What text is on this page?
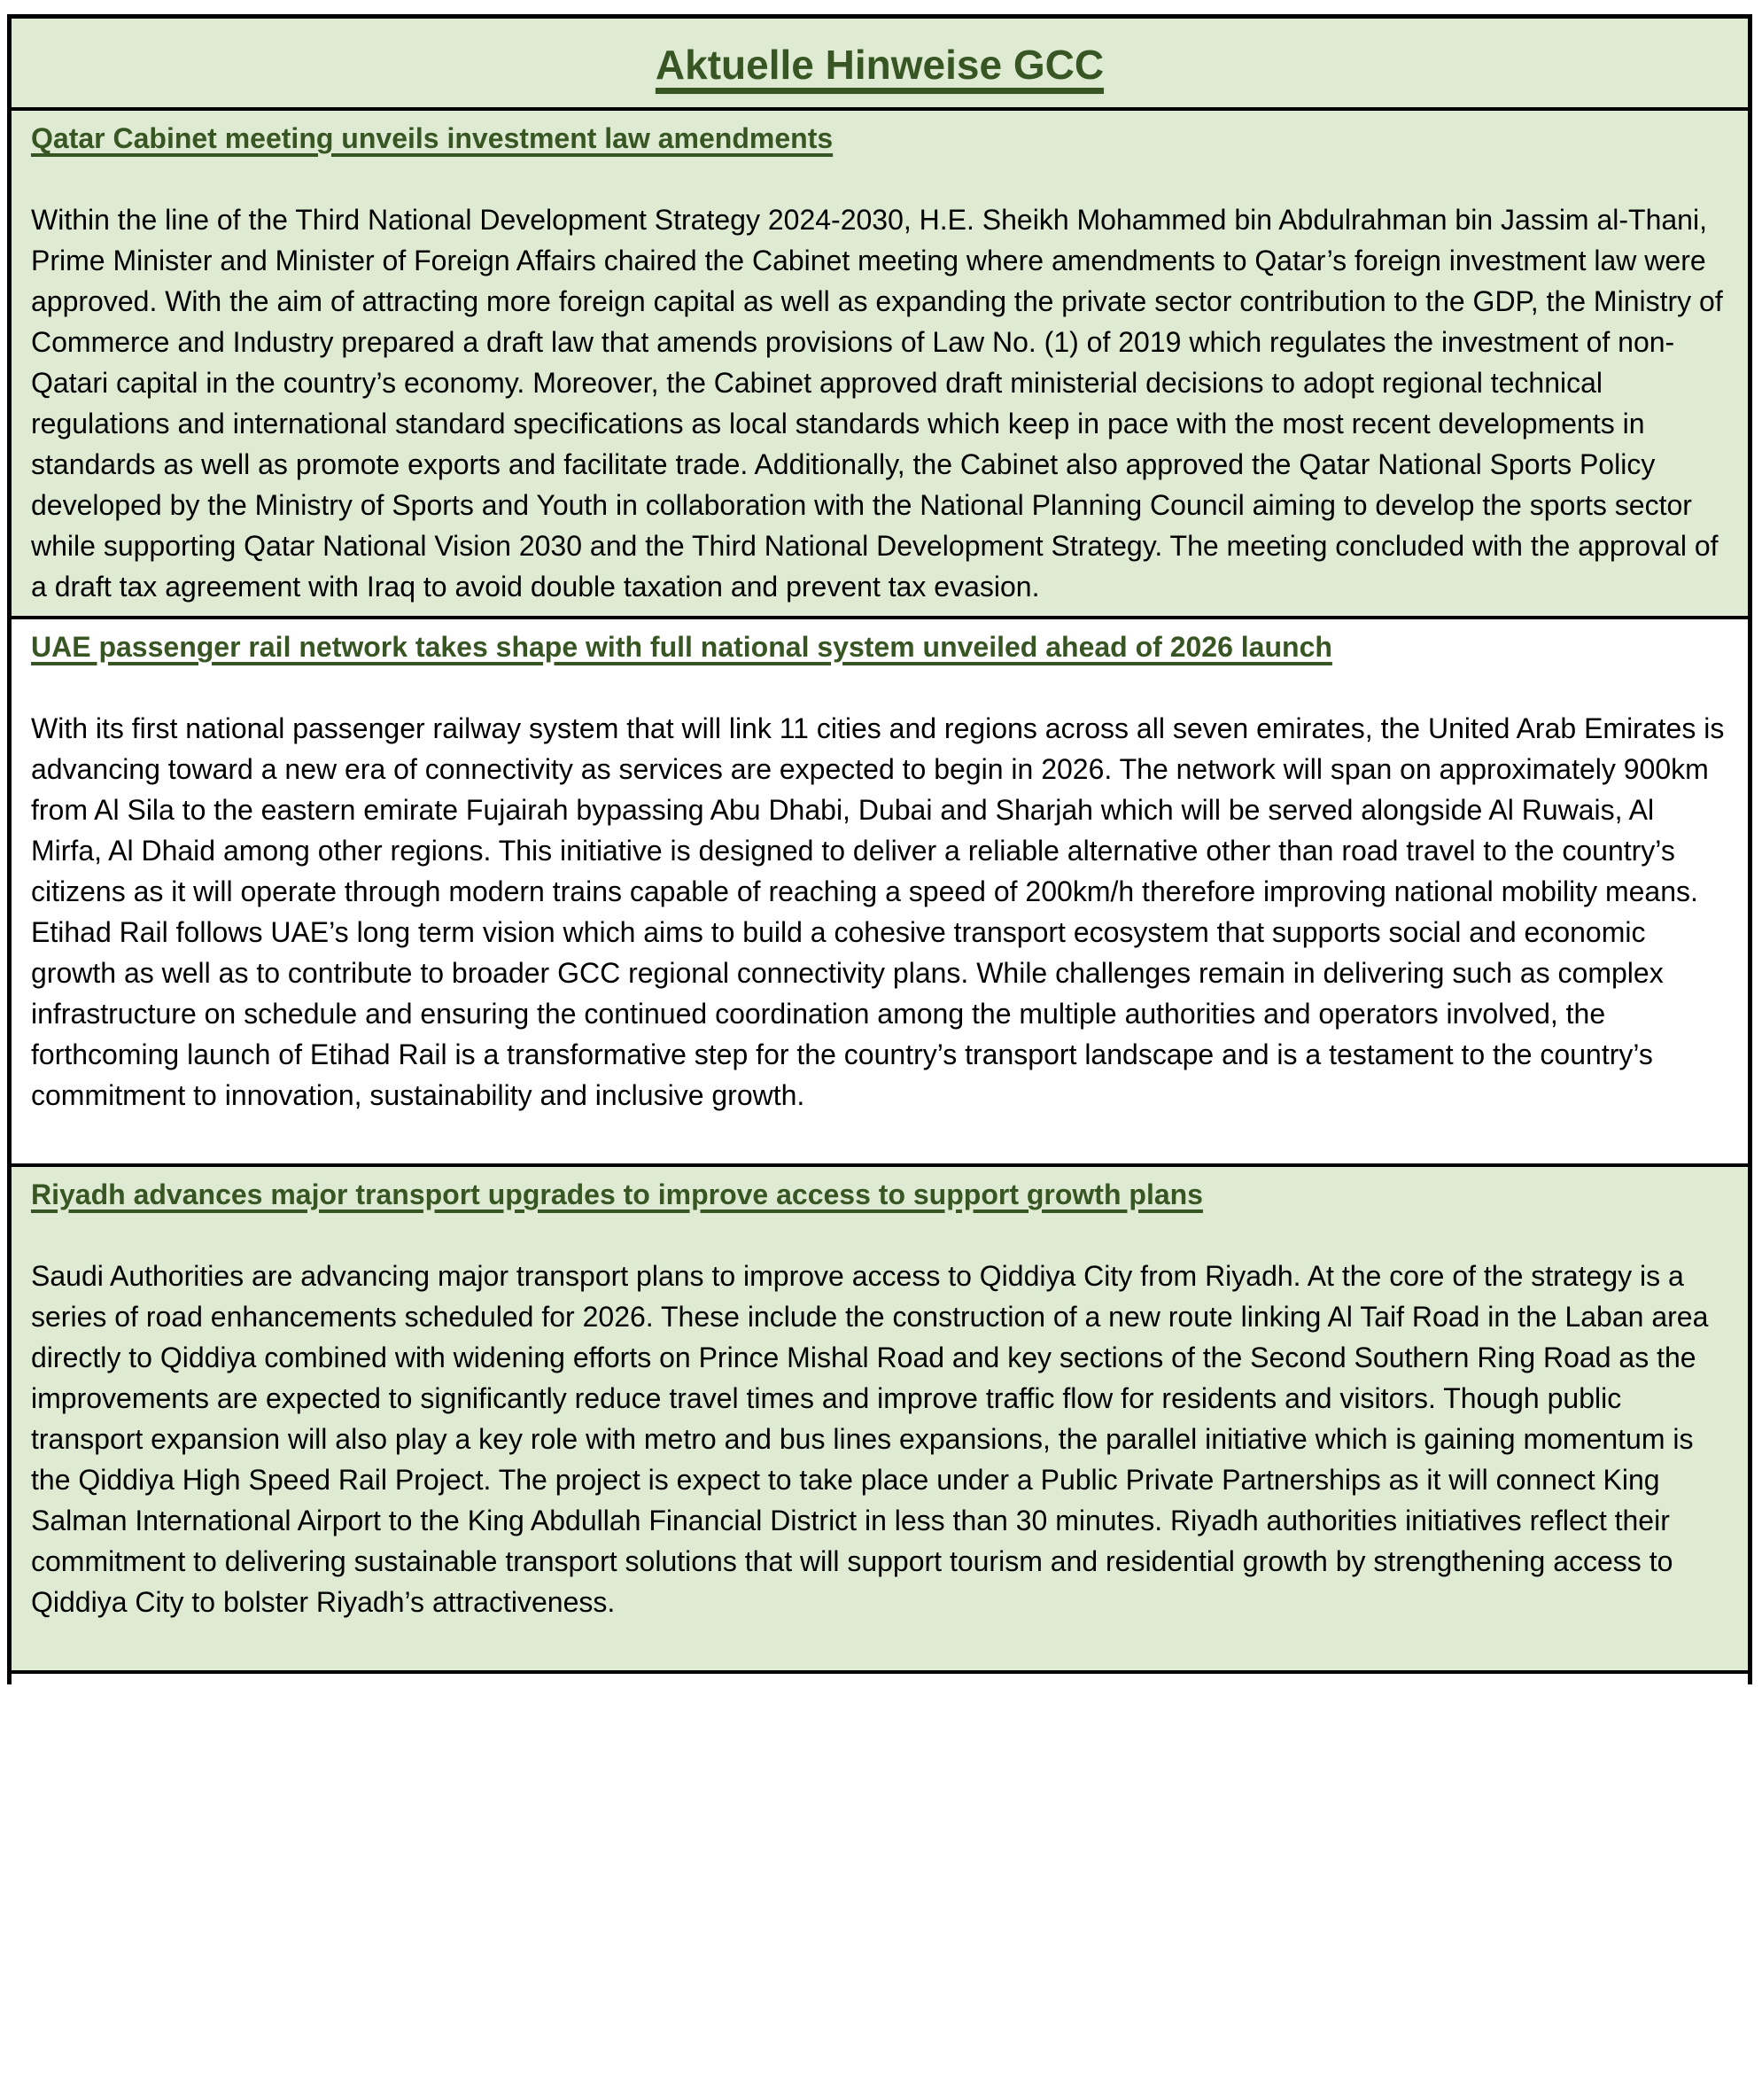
Aktuelle Hinweise GCC
Qatar Cabinet meeting unveils investment law amendments

Within the line of the Third National Development Strategy 2024-2030, H.E. Sheikh Mohammed bin Abdulrahman bin Jassim al-Thani, Prime Minister and Minister of Foreign Affairs chaired the Cabinet meeting where amendments to Qatar’s foreign investment law were approved. With the aim of attracting more foreign capital as well as expanding the private sector contribution to the GDP, the Ministry of Commerce and Industry prepared a draft law that amends provisions of Law No. (1) of 2019 which regulates the investment of non-Qatari capital in the country’s economy. Moreover, the Cabinet approved draft ministerial decisions to adopt regional technical regulations and international standard specifications as local standards which keep in pace with the most recent developments in standards as well as promote exports and facilitate trade. Additionally, the Cabinet also approved the Qatar National Sports Policy developed by the Ministry of Sports and Youth in collaboration with the National Planning Council aiming to develop the sports sector while supporting Qatar National Vision 2030 and the Third National Development Strategy. The meeting concluded with the approval of a draft tax agreement with Iraq to avoid double taxation and prevent tax evasion.

UAE passenger rail network takes shape with full national system unveiled ahead of 2026 launch

With its first national passenger railway system that will link 11 cities and regions across all seven emirates, the United Arab Emirates is advancing toward a new era of connectivity as services are expected to begin in 2026. The network will span on approximately 900km from Al Sila to the eastern emirate Fujairah bypassing Abu Dhabi, Dubai and Sharjah which will be served alongside Al Ruwais, Al Mirfa, Al Dhaid among other regions. This initiative is designed to deliver a reliable alternative other than road travel to the country’s citizens as it will operate through modern trains capable of reaching a speed of 200km/h therefore improving national mobility means. Etihad Rail follows UAE’s long term vision which aims to build a cohesive transport ecosystem that supports social and economic growth as well as to contribute to broader GCC regional connectivity plans. While challenges remain in delivering such as complex infrastructure on schedule and ensuring the continued coordination among the multiple authorities and operators involved, the forthcoming launch of Etihad Rail is a transformative step for the country’s transport landscape and is a testament to the country’s commitment to innovation, sustainability and inclusive growth.

Riyadh advances major transport upgrades to improve access to support growth plans

Saudi Authorities are advancing major transport plans to improve access to Qiddiya City from Riyadh. At the core of the strategy is a series of road enhancements scheduled for 2026. These include the construction of a new route linking Al Taif Road in the Laban area directly to Qiddiya combined with widening efforts on Prince Mishal Road and key sections of the Second Southern Ring Road as the improvements are expected to significantly reduce travel times and improve traffic flow for residents and visitors. Though public transport expansion will also play a key role with metro and bus lines expansions, the parallel initiative which is gaining momentum is the Qiddiya High Speed Rail Project. The project is expect to take place under a Public Private Partnerships as it will connect King Salman International Airport to the King Abdullah Financial District in less than 30 minutes. Riyadh authorities initiatives reflect their commitment to delivering sustainable transport solutions that will support tourism and residential growth by strengthening access to Qiddiya City to bolster Riyadh’s attractiveness.
